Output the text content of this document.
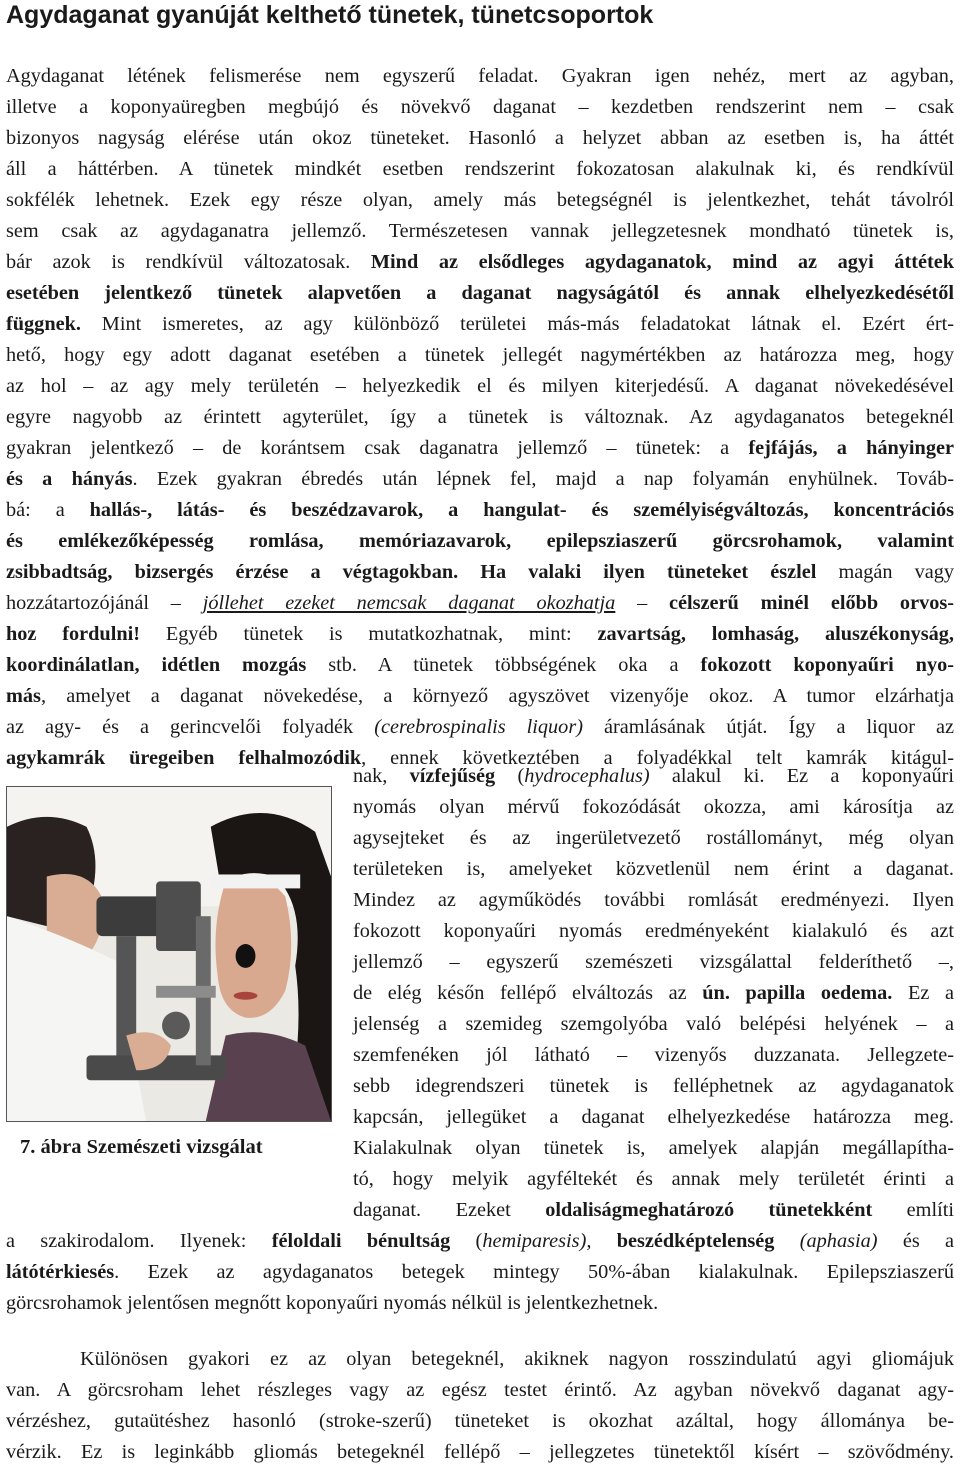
Agydaganat gyanúját kelthető tünetek, tünetcsoportok
Agydaganat létének felismerése nem egyszerű feladat. Gyakran igen nehéz, mert az agyban,
illetve a koponyaüregben megbújó és növekvő daganat – kezdetben rendszerint nem – csak
bizonyos nagyság elérése után okoz tüneteket. Hasonló a helyzet abban az esetben is, ha áttét
áll a háttérben. A tünetek mindkét esetben rendszerint fokozatosan alakulnak ki, és rendkívül
sokfélék lehetnek. Ezek egy része olyan, amely más betegségnél is jelentkezhet, tehát távolról
sem csak az agydaganatra jellemző. Természetesen vannak jellegzetesnek mondható tünetek is,
bár azok is rendkívül változatosak. Mind az elsődleges agydaganatok, mind az agyi áttétek
esetében jelentkező tünetek alapvetően a daganat nagyságától és annak elhelyezkedésétől
függnek. Mint ismeretes, az agy különböző területei más-más feladatokat látnak el. Ezért ért-
hető, hogy egy adott daganat esetében a tünetek jellegét nagymértékben az határozza meg, hogy
az hol – az agy mely területén – helyezkedik el és milyen kiterjedésű. A daganat növekedésével
egyre nagyobb az érintett agyterület, így a tünetek is változnak. Az agydaganatos betegeknél
gyakran jelentkező – de korántsem csak daganatra jellemző – tünetek: a fejfájás, a hányinger
és a hányás. Ezek gyakran ébredés után lépnek fel, majd a nap folyamán enyhülnek. Továb-
bá: a hallás-, látás- és beszédzavarok, a hangulat- és személyiségváltozás, koncentrációs
és emlékezőképesség romlása, memóriazavarok, epilepsziaszerű görcsrohamok, valamint
zsibbadtság, bizsergés érzése a végtagokban. Ha valaki ilyen tüneteket észlel magán vagy
hozzátartozójánál – jóllehet ezeket nemcsak daganat okozhatja – célszerű minél előbb orvos-
hoz fordulni! Egyéb tünetek is mutatkozhatnak, mint: zavartság, lomhaság, aluszékonyság,
koordinálatlan, idétlen mozgás stb. A tünetek többségének oka a fokozott koponyaűri nyo-
más, amelyet a daganat növekedése, a környező agyszövet vizenyője okoz. A tumor elzárhatja
az agy- és a gerincvelői folyadék (cerebrospinalis liquor) áramlásának útját. Így a liquor az
agykamrák üregeiben felhalmozódik, ennek következtében a folyadékkal telt kamrák kitágul-
7. ábra Szemészeti vizsgálat
nak, vízfejűség (hydrocephalus) alakul ki. Ez a koponyaűri
nyomás olyan mérvű fokozódását okozza, ami károsítja az
agysejteket és az ingerületvezető rostállományt, még olyan
területeken is, amelyeket közvetlenül nem érint a daganat.
Mindez az agyműködés további romlását eredményezi. Ilyen
fokozott koponyaűri nyomás eredményeként kialakuló és azt
jellemző – egyszerű szemészeti vizsgálattal felderíthető –,
de elég későn fellépő elváltozás az ún. papilla oedema. Ez a
jelenség a szemideg szemgolyóba való belépési helyének – a
szemfenéken jól látható – vizenyős duzzanata. Jellegzete-
sebb idegrendszeri tünetek is felléphetnek az agydaganatok
kapcsán, jellegüket a daganat elhelyezkedése határozza meg.
Kialakulnak olyan tünetek is, amelyek alapján megállapítha-
tó, hogy melyik agyféltekét és annak mely területét érinti a
daganat. Ezeket oldaliságmeghatározó tünetekként említi
a szakirodalom. Ilyenek: féloldali bénultság (hemiparesis), beszédképtelenség (aphasia) és a
látótérkiesés. Ezek az agydaganatos betegek mintegy 50%-ában kialakulnak. Epilepsziaszerű
görcsrohamok jelentősen megnőtt koponyaűri nyomás nélkül is jelentkezhetnek.
Különösen gyakori ez az olyan betegeknél, akiknek nagyon rosszindulatú agyi gliomájuk
van. A görcsroham lehet részleges vagy az egész testet érintő. Az agyban növekvő daganat agy-
vérzéshez, gutaütéshez hasonló (stroke-szerű) tüneteket is okozhat azáltal, hogy állománya be-
vérzik. Ez is leginkább gliomás betegeknél fellépő – jellegzetes tünetektől kísért – szövődmény.
